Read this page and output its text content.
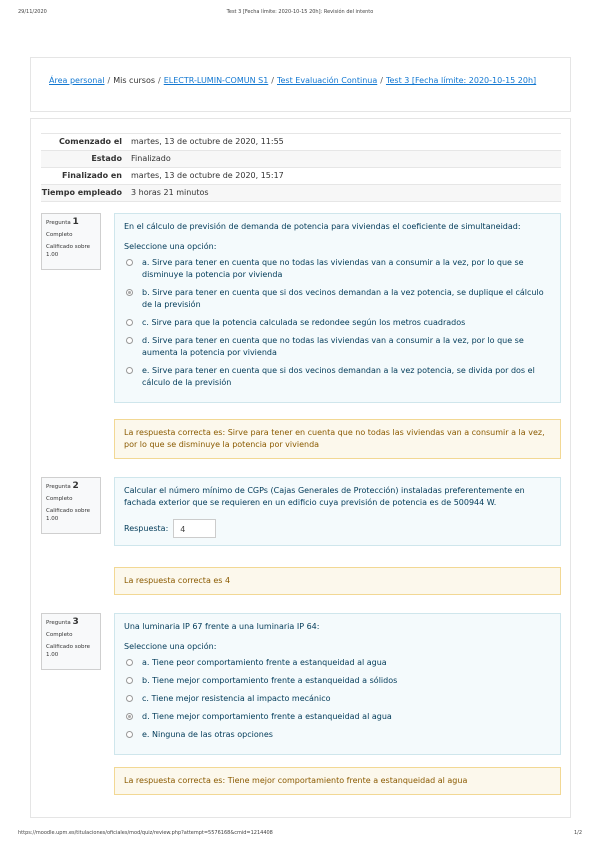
29/11/2020	Test 3 [Fecha límite: 2020-10-15 20h]: Revisión del intento
Área personal / Mis cursos / ELECTR-LUMIN-COMUN S1 / Test Evaluación Continua / Test 3 [Fecha límite: 2020-10-15 20h]
Comenzado el	martes, 13 de octubre de 2020, 11:55
Estado	Finalizado
Finalizado en	martes, 13 de octubre de 2020, 15:17
Tiempo empleado	3 horas 21 minutos
Pregunta 1
Completo
Calificado sobre 1.00
En el cálculo de previsión de demanda de potencia para viviendas el coeficiente de simultaneidad:
Seleccione una opción:
a. Sirve para tener en cuenta que no todas las viviendas van a consumir a la vez, por lo que se disminuye la potencia por vivienda
b. Sirve para tener en cuenta que si dos vecinos demandan a la vez potencia, se duplique el cálculo de la previsión
c. Sirve para que la potencia calculada se redondee según los metros cuadrados
d. Sirve para tener en cuenta que no todas las viviendas van a consumir a la vez, por lo que se aumenta la potencia por vivienda
e. Sirve para tener en cuenta que si dos vecinos demandan a la vez potencia, se divida por dos el cálculo de la previsión
La respuesta correcta es: Sirve para tener en cuenta que no todas las viviendas van a consumir a la vez, por lo que se disminuye la potencia por vivienda
Pregunta 2
Completo
Calificado sobre 1.00
Calcular el número mínimo de CGPs (Cajas Generales de Protección) instaladas preferentemente en fachada exterior que se requieren en un edificio cuya previsión de potencia es de 500944 W.
Respuesta:	4
La respuesta correcta es 4
Pregunta 3
Completo
Calificado sobre 1.00
Una luminaria IP 67 frente a una luminaria IP 64:
Seleccione una opción:
a. Tiene peor comportamiento frente a estanqueidad al agua
b. Tiene mejor comportamiento frente a estanqueidad a sólidos
c. Tiene mejor resistencia al impacto mecánico
d. Tiene mejor comportamiento frente a estanqueidad al agua
e. Ninguna de las otras opciones
La respuesta correcta es: Tiene mejor comportamiento frente a estanqueidad al agua
https://moodle.upm.es/titulaciones/oficiales/mod/quiz/review.php?attempt=5576168&cmid=1214408	1/2
